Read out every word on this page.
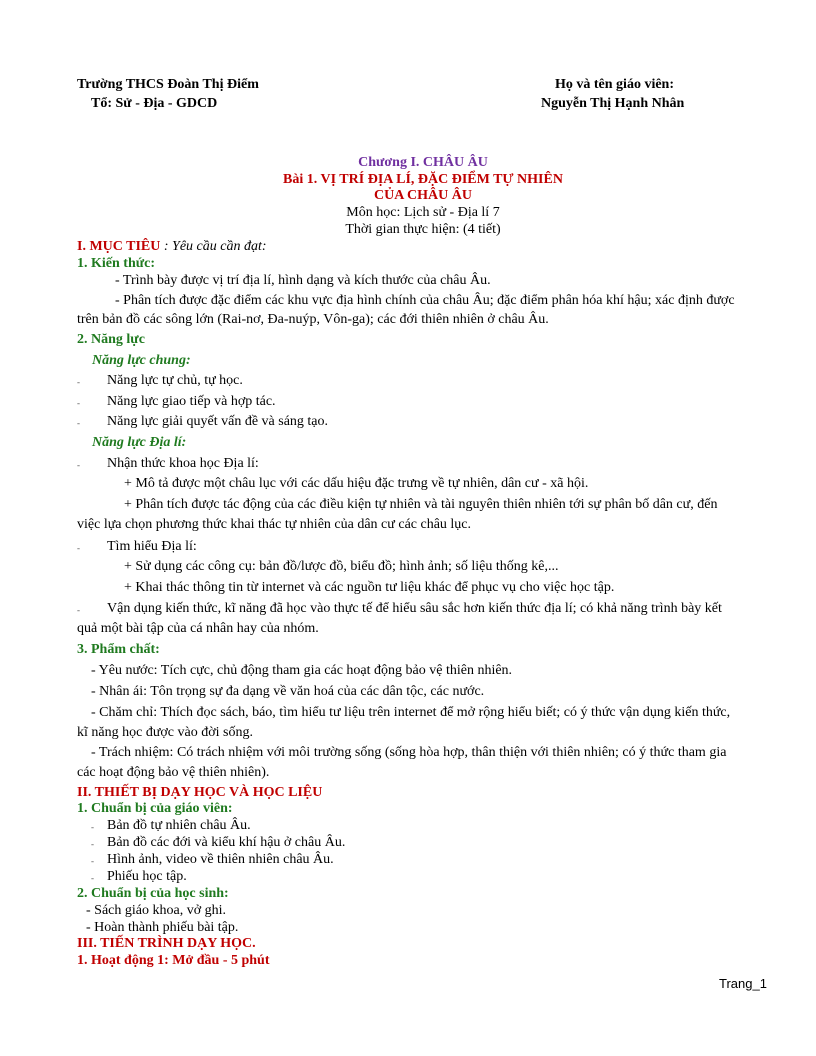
Trường THCS Đoàn Thị Điểm
Tổ: Sử - Địa - GDCD
Họ và tên giáo viên:
Nguyễn Thị Hạnh Nhân
Chương I. CHÂU ÂU
Bài 1. VỊ TRÍ ĐỊA LÍ, ĐẶC ĐIỂM TỰ NHIÊN
CỦA CHÂU ÂU
Môn học: Lịch sử - Địa lí 7
Thời gian thực hiện: (4 tiết)
I. MỤC TIÊU : Yêu cầu cần đạt:
1. Kiến thức:
- Trình bày được vị trí địa lí, hình dạng và kích thước của châu Âu.
- Phân tích được đặc điểm các khu vực địa hình chính của châu Âu; đặc điểm phân hóa khí hậu; xác định được
trên bản đồ các sông lớn (Rai-nơ, Đa-nuýp, Vôn-ga); các đới thiên nhiên ở châu Âu.
2. Năng lực
Năng lực chung:
- Năng lực tự chủ, tự học.
- Năng lực giao tiếp và hợp tác.
- Năng lực giải quyết vấn đề và sáng tạo.
Năng lực Địa lí:
- Nhận thức khoa học Địa lí:
+ Mô tả được một châu lục với các dấu hiệu đặc trưng về tự nhiên, dân cư - xã hội.
+ Phân tích được tác động của các điều kiện tự nhiên và tài nguyên thiên nhiên tới sự phân bố dân cư, đến
việc lựa chọn phương thức khai thác tự nhiên của dân cư các châu lục.
- Tìm hiểu Địa lí:
+ Sử dụng các công cụ: bản đồ/lược đồ, biểu đồ; hình ảnh; số liệu thống kê,...
+ Khai thác thông tin từ internet và các nguồn tư liệu khác để phục vụ cho việc học tập.
- Vận dụng kiến thức, kĩ năng đã học vào thực tế để hiểu sâu sắc hơn kiến thức địa lí; có khả năng trình bày kết
quả một bài tập của cá nhân hay của nhóm.
3. Phẩm chất:
- Yêu nước: Tích cực, chủ động tham gia các hoạt động bảo vệ thiên nhiên.
- Nhân ái: Tôn trọng sự đa dạng về văn hoá của các dân tộc, các nước.
- Chăm chỉ: Thích đọc sách, báo, tìm hiểu tư liệu trên internet để mở rộng hiểu biết; có ý thức vận dụng kiến thức,
kĩ năng học được vào đời sống.
- Trách nhiệm: Có trách nhiệm với môi trường sống (sống hòa hợp, thân thiện với thiên nhiên; có ý thức tham gia
các hoạt động bảo vệ thiên nhiên).
II. THIẾT BỊ DẠY HỌC VÀ HỌC LIỆU
1. Chuẩn bị của giáo viên:
- Bản đồ tự nhiên châu Âu.
- Bản đồ các đới và kiểu khí hậu ở châu Âu.
- Hình ảnh, video về thiên nhiên châu Âu.
- Phiếu học tập.
2. Chuẩn bị của học sinh:
- Sách giáo khoa, vở ghi.
- Hoàn thành phiếu bài tập.
III. TIẾN TRÌNH DẠY HỌC.
1. Hoạt động 1: Mở đầu - 5 phút
Trang_1
